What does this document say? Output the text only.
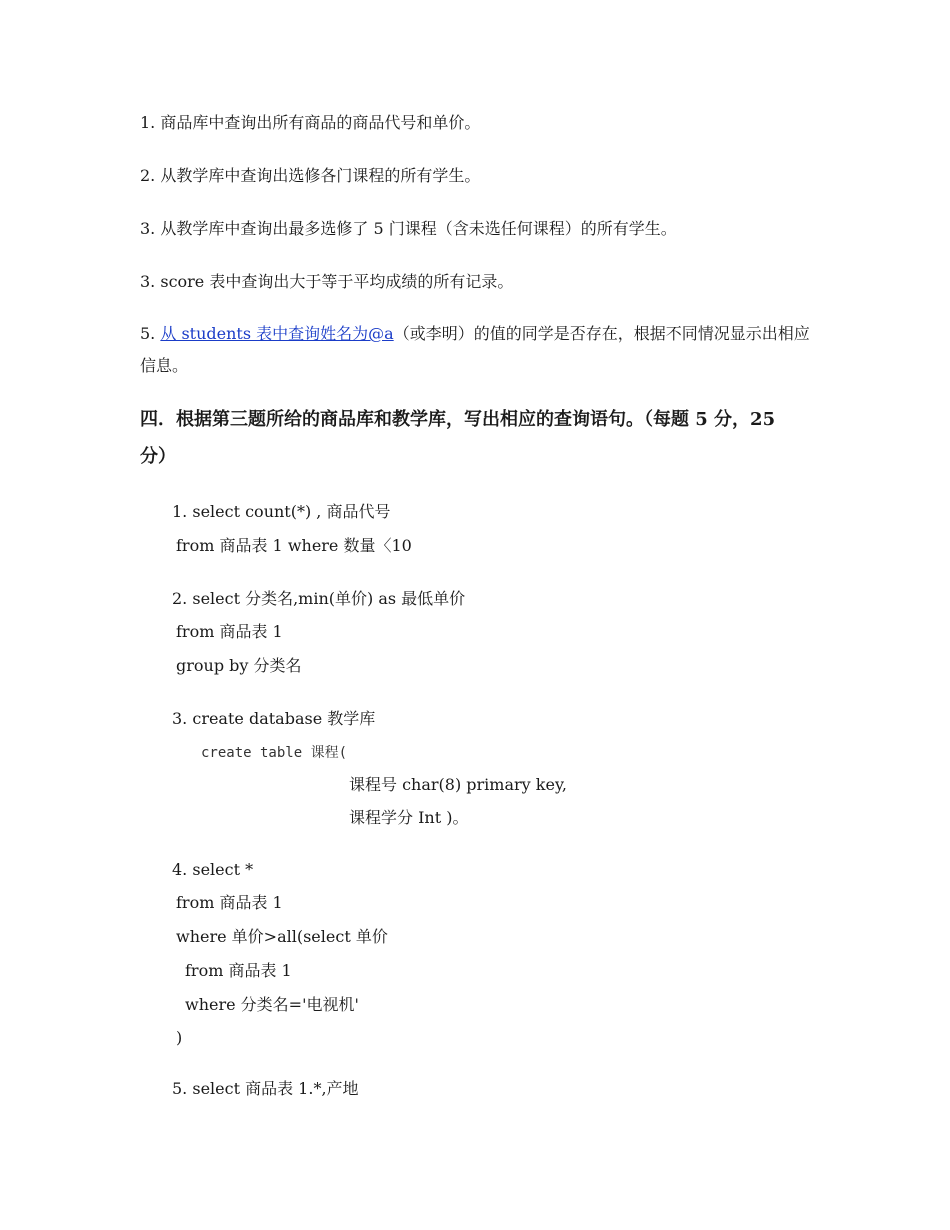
1. 商品库中查询出所有商品的商品代号和单价。
2. 从教学库中查询出选修各门课程的所有学生。
3. 从教学库中查询出最多选修了 5 门课程（含未选任何课程）的所有学生。
3. score 表中查询出大于等于平均成绩的所有记录。
5. 从 students 表中查询姓名为@a（或李明）的值的同学是否存在，根据不同情况显示出相应
信息。
四．根据第三题所给的商品库和教学库，写出相应的查询语句。（每题 5 分，25
分）
1. select count(*) , 商品代号
from 商品表 1 where 数量〈10
2. select 分类名,min(单价) as 最低单价
from 商品表 1
group by 分类名
3. create database 教学库
create table 课程(
课程号 char(8) primary key,
课程学分 Int )。
4. select *
from 商品表 1
where 单价>all(select 单价
from 商品表 1
where 分类名='电视机'
)
5. select 商品表 1.*,产地
